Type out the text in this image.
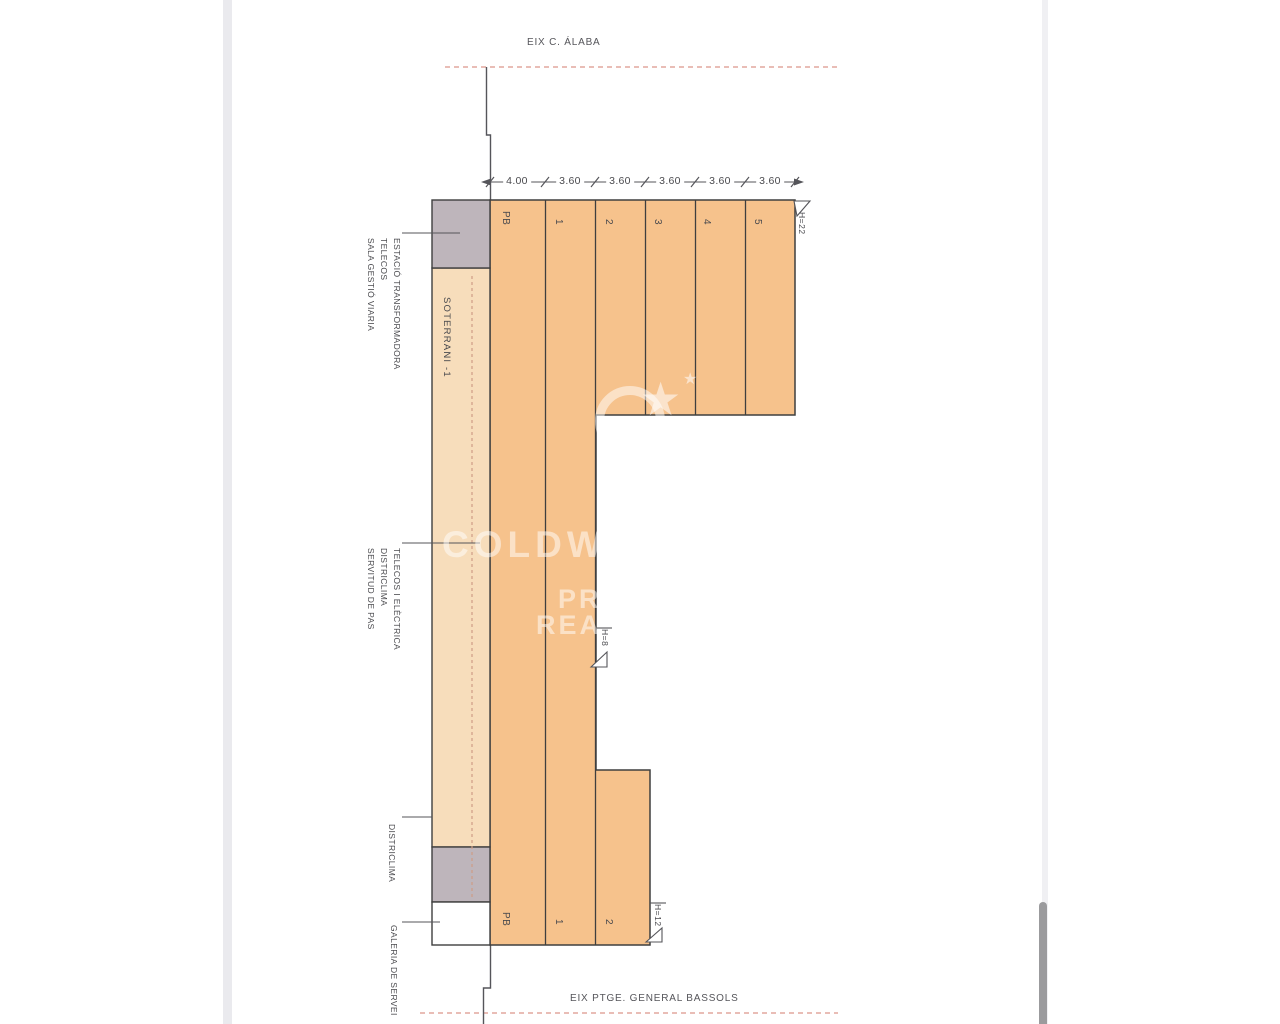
★ ★
COLDWE
PR
REA
EIX C. ÁLABA
EIX PTGE. GENERAL BASSOLS
4.00	3.60	3.60	3.60	3.60	3.60
PB	1	2	3	4	5
PB	1	2
H=22
H=8
H=12
SOTERRANI -1
SALA GESTIÓ VIARIA TELECOS ESTACIÓ TRANSFORMADORA
SERVITUD DE PAS DISTRICLIMA TELECOS I ELÈCTRICA
DISTRICLIMA
GALERIA DE SERVEI
